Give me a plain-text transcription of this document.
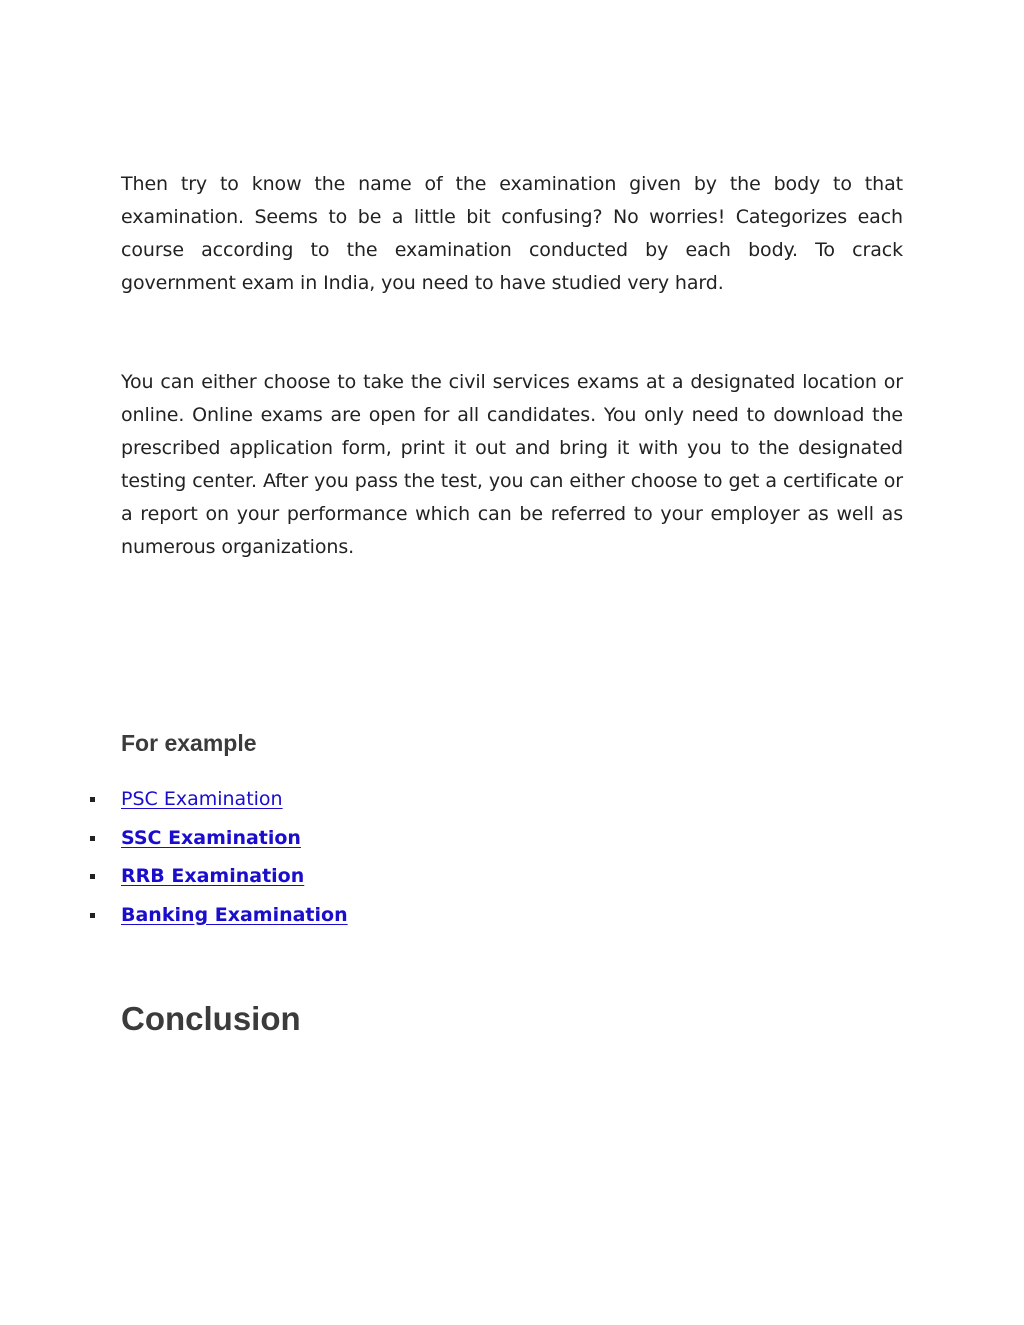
Then try to know the name of the examination given by the body to that examination. Seems to be a little bit confusing? No worries! Categorizes each course according to the examination conducted by each body. To crack government exam in India, you need to have studied very hard.

You can either choose to take the civil services exams at a designated location or online. Online exams are open for all candidates. You only need to download the prescribed application form, print it out and bring it with you to the designated testing center. After you pass the test, you can either choose to get a certificate or a report on your performance which can be referred to your employer as well as numerous organizations.

For example
PSC Examination
SSC Examination
RRB Examination
Banking Examination
Conclusion
